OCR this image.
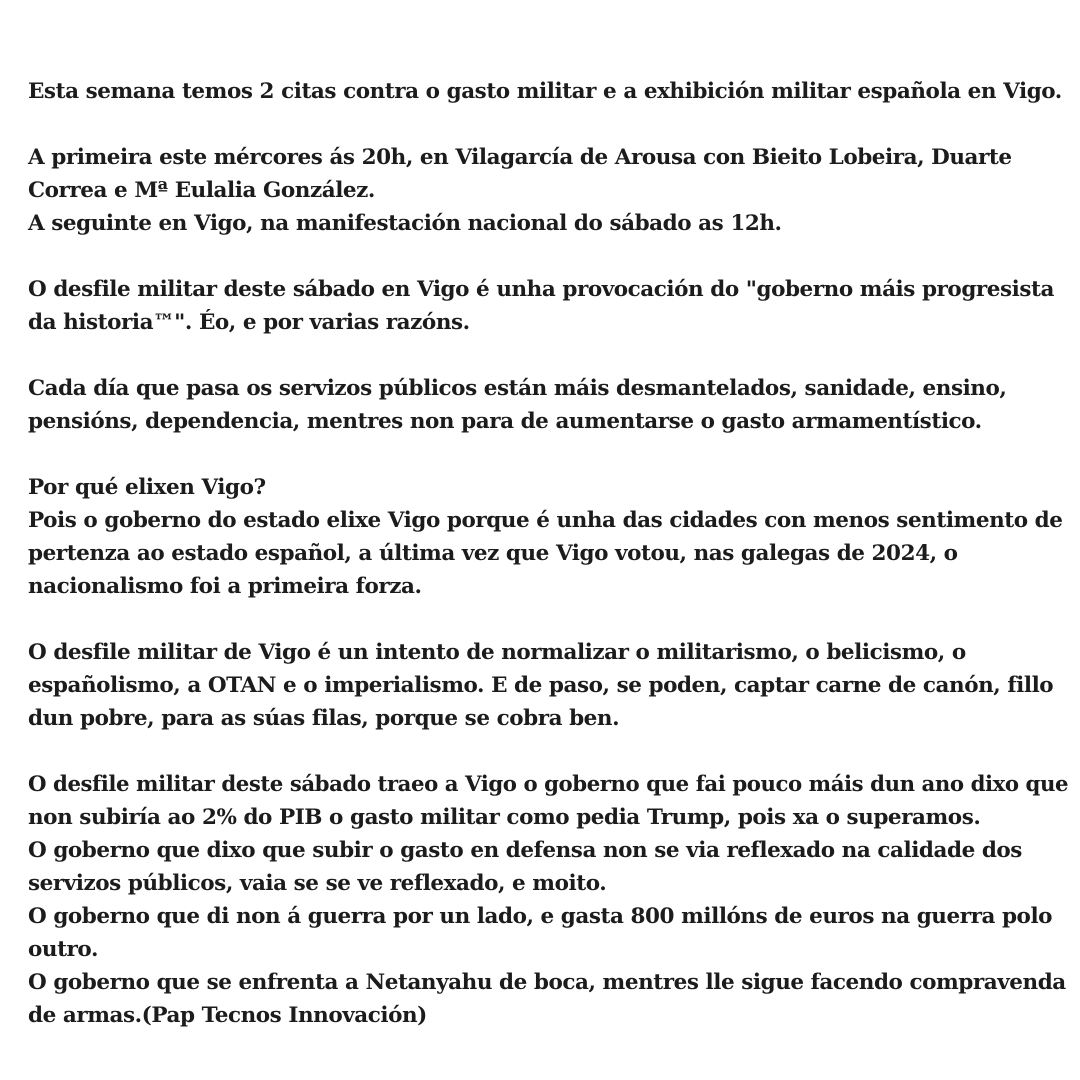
Esta semana temos 2 citas contra o gasto militar e a exhibición militar española en Vigo.

A primeira este mércores ás 20h, en Vilagarcía de Arousa con Bieito Lobeira, Duarte
Correa e Mª Eulalia González.
A seguinte en Vigo, na manifestación nacional do sábado as 12h.

O desfile militar deste sábado en Vigo é unha provocación do "goberno máis progresista
da historia™". Éo, e por varias razóns.

Cada día que pasa os servizos públicos están máis desmantelados, sanidade, ensino,
pensións, dependencia, mentres non para de aumentarse o gasto armamentístico.

Por qué elixen Vigo?
Pois o goberno do estado elixe Vigo porque é unha das cidades con menos sentimento de
pertenza ao estado español, a última vez que Vigo votou, nas galegas de 2024, o
nacionalismo foi a primeira forza.

O desfile militar de Vigo é un intento de normalizar o militarismo, o belicismo, o
españolismo, a OTAN e o imperialismo. E de paso, se poden, captar carne de canón, fillo
dun pobre, para as súas filas, porque se cobra ben.

O desfile militar deste sábado traeo a Vigo o goberno que fai pouco máis dun ano dixo que
non subiría ao 2% do PIB o gasto militar como pedia Trump, pois xa o superamos.
O goberno que dixo que subir o gasto en defensa non se via reflexado na calidade dos
servizos públicos, vaia se se ve reflexado, e moito.
O goberno que di non á guerra por un lado, e gasta 800 millóns de euros na guerra polo
outro.
O goberno que se enfrenta a Netanyahu de boca, mentres lle sigue facendo compravenda
de armas.(Pap Tecnos Innovación)
